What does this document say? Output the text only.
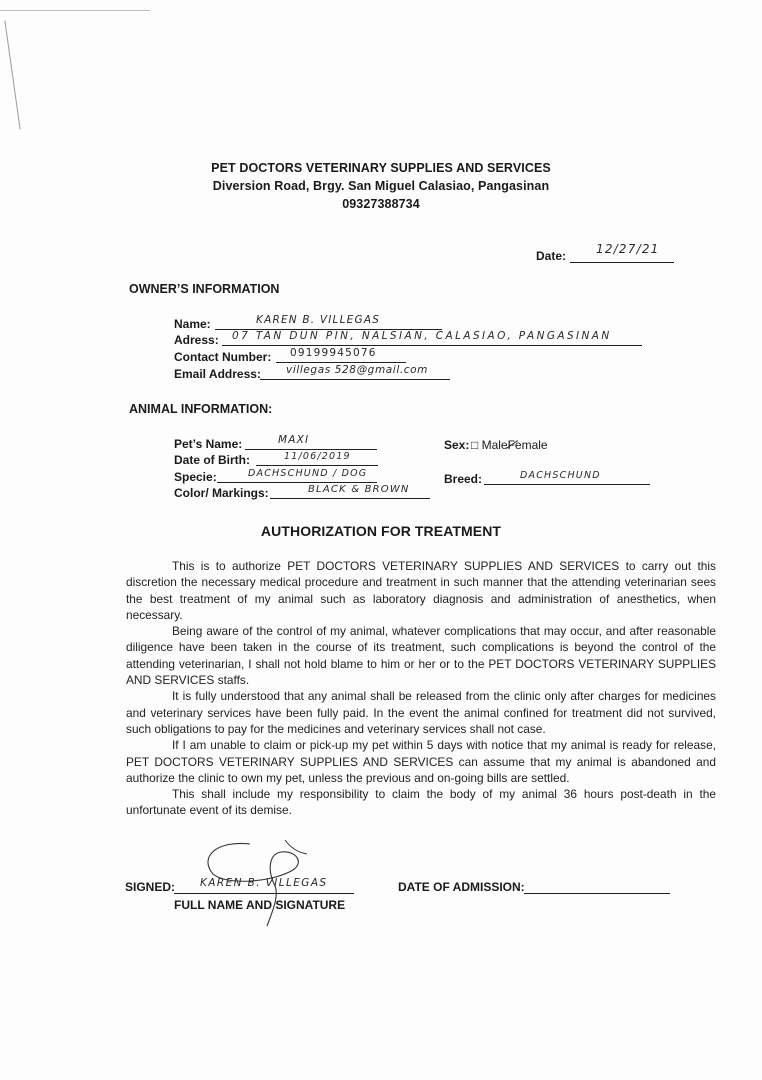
PET DOCTORS VETERINARY SUPPLIES AND SERVICES
Diversion Road, Brgy. San Miguel Calasiao, Pangasinan
09327388734
Date: 12/27/21
OWNER’S INFORMATION
Name:	KAREN B. VILLEGAS
Adress: 07 TAN DUN PIN, NALSIAN, CALASIAO, PANGASINAN
Contact Number: 09199945076
Email Address: villegas 528@gmail.com
ANIMAL INFORMATION:
Pet’s Name:	MAXI
Date of Birth:	11/06/2019
Specie:	DACHSCHUND / DOG
Color/ Markings:	BLACK & BROWN
Sex: □ Male
Female
Breed:	DACHSCHUND
AUTHORIZATION FOR TREATMENT
This is to authorize PET DOCTORS VETERINARY SUPPLIES AND SERVICES to carry out this discretion the necessary medical procedure and treatment in such manner that the attending veterinarian sees the best treatment of my animal such as laboratory diagnosis and administration of anesthetics, when necessary.
Being aware of the control of my animal, whatever complications that may occur, and after reasonable diligence have been taken in the course of its treatment, such complications is beyond the control of the attending veterinarian, I shall not hold blame to him or her or to the PET DOCTORS VETERINARY SUPPLIES AND SERVICES staffs.
It is fully understood that any animal shall be released from the clinic only after charges for medicines and veterinary services have been fully paid. In the event the animal confined for treatment did not survived, such obligations to pay for the medicines and veterinary services shall not case.
If I am unable to claim or pick-up my pet within 5 days with notice that my animal is ready for release, PET DOCTORS VETERINARY SUPPLIES AND SERVICES can assume that my animal is abandoned and authorize the clinic to own my pet, unless the previous and on-going bills are settled.
This shall include my responsibility to claim the body of my animal 36 hours post-death in the unfortunate event of its demise.
SIGNED: KAREN B. VILLEGAS
FULL NAME AND SIGNATURE
DATE OF ADMISSION:
